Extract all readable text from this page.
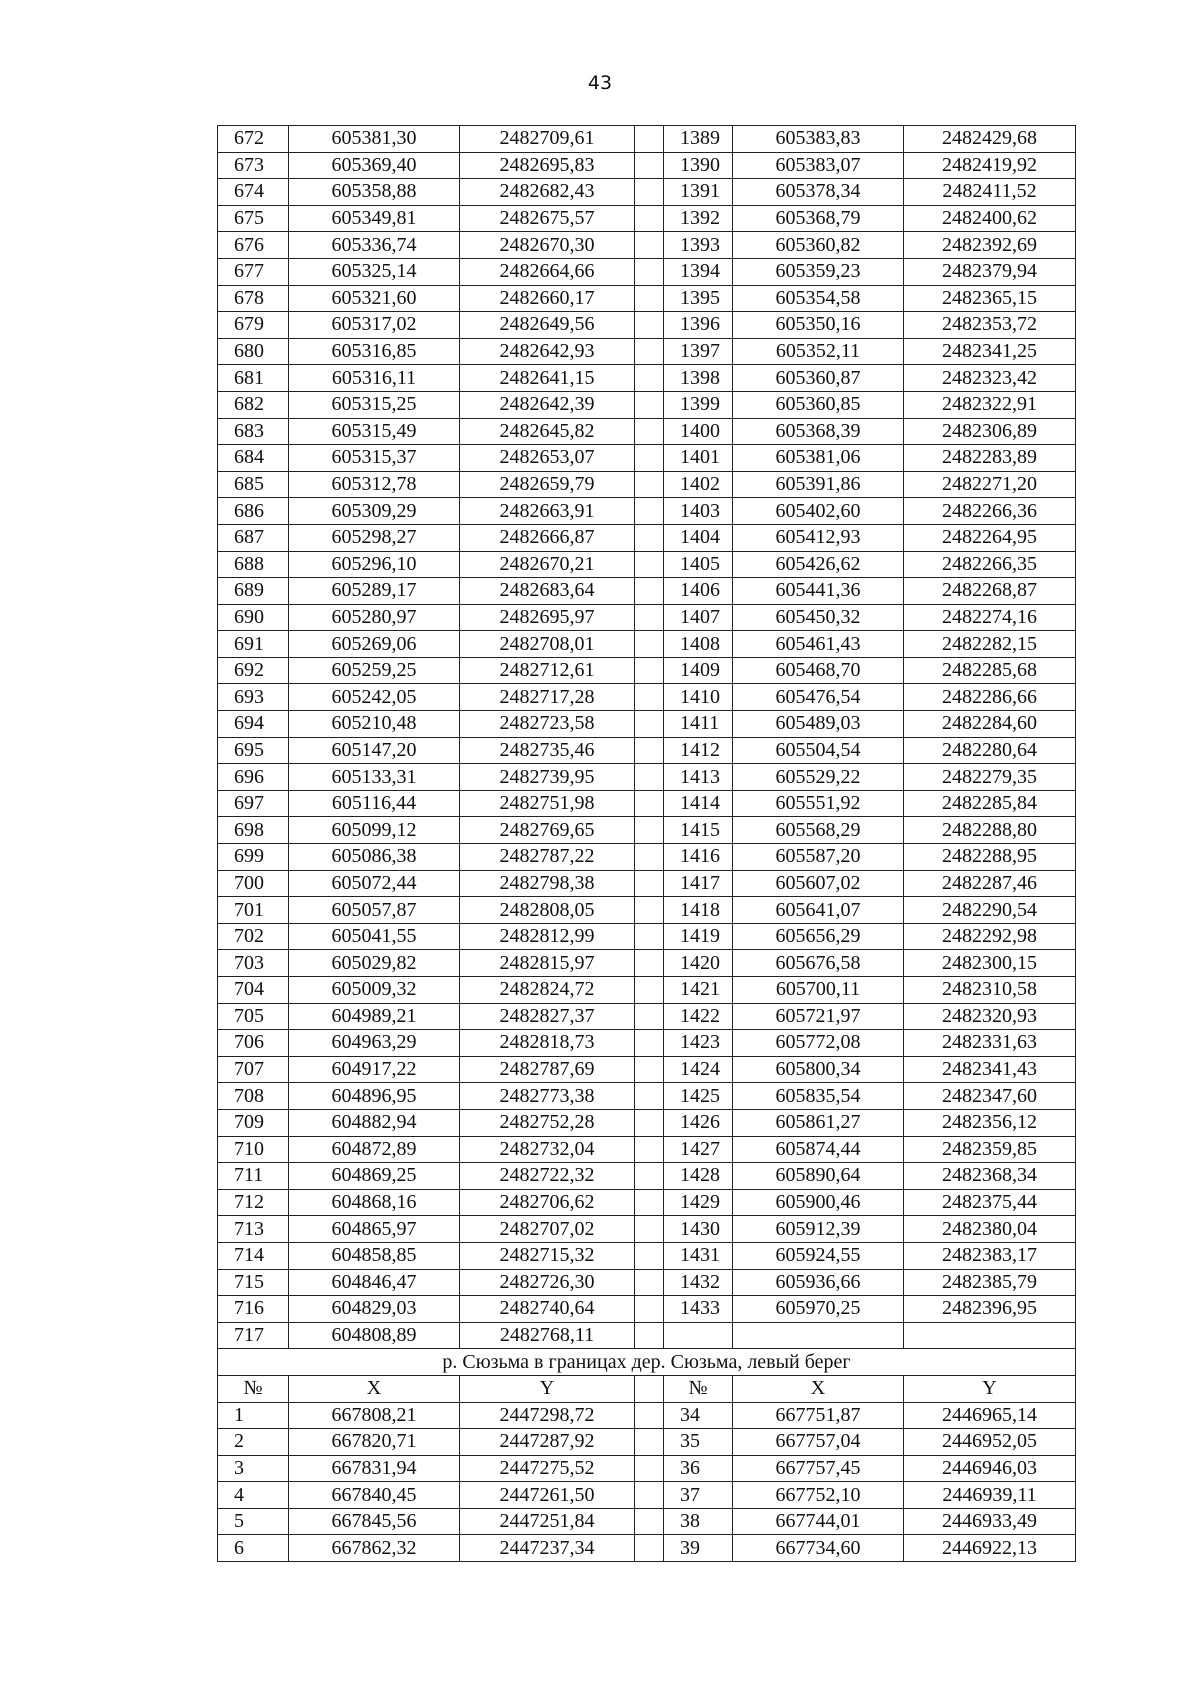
43
672	605381,30	2482709,61		1389	605383,83	2482429,68
673	605369,40	2482695,83		1390	605383,07	2482419,92
674	605358,88	2482682,43		1391	605378,34	2482411,52
675	605349,81	2482675,57		1392	605368,79	2482400,62
676	605336,74	2482670,30		1393	605360,82	2482392,69
677	605325,14	2482664,66		1394	605359,23	2482379,94
678	605321,60	2482660,17		1395	605354,58	2482365,15
679	605317,02	2482649,56		1396	605350,16	2482353,72
680	605316,85	2482642,93		1397	605352,11	2482341,25
681	605316,11	2482641,15		1398	605360,87	2482323,42
682	605315,25	2482642,39		1399	605360,85	2482322,91
683	605315,49	2482645,82		1400	605368,39	2482306,89
684	605315,37	2482653,07		1401	605381,06	2482283,89
685	605312,78	2482659,79		1402	605391,86	2482271,20
686	605309,29	2482663,91		1403	605402,60	2482266,36
687	605298,27	2482666,87		1404	605412,93	2482264,95
688	605296,10	2482670,21		1405	605426,62	2482266,35
689	605289,17	2482683,64		1406	605441,36	2482268,87
690	605280,97	2482695,97		1407	605450,32	2482274,16
691	605269,06	2482708,01		1408	605461,43	2482282,15
692	605259,25	2482712,61		1409	605468,70	2482285,68
693	605242,05	2482717,28		1410	605476,54	2482286,66
694	605210,48	2482723,58		1411	605489,03	2482284,60
695	605147,20	2482735,46		1412	605504,54	2482280,64
696	605133,31	2482739,95		1413	605529,22	2482279,35
697	605116,44	2482751,98		1414	605551,92	2482285,84
698	605099,12	2482769,65		1415	605568,29	2482288,80
699	605086,38	2482787,22		1416	605587,20	2482288,95
700	605072,44	2482798,38		1417	605607,02	2482287,46
701	605057,87	2482808,05		1418	605641,07	2482290,54
702	605041,55	2482812,99		1419	605656,29	2482292,98
703	605029,82	2482815,97		1420	605676,58	2482300,15
704	605009,32	2482824,72		1421	605700,11	2482310,58
705	604989,21	2482827,37		1422	605721,97	2482320,93
706	604963,29	2482818,73		1423	605772,08	2482331,63
707	604917,22	2482787,69		1424	605800,34	2482341,43
708	604896,95	2482773,38		1425	605835,54	2482347,60
709	604882,94	2482752,28		1426	605861,27	2482356,12
710	604872,89	2482732,04		1427	605874,44	2482359,85
711	604869,25	2482722,32		1428	605890,64	2482368,34
712	604868,16	2482706,62		1429	605900,46	2482375,44
713	604865,97	2482707,02		1430	605912,39	2482380,04
714	604858,85	2482715,32		1431	605924,55	2482383,17
715	604846,47	2482726,30		1432	605936,66	2482385,79
716	604829,03	2482740,64		1433	605970,25	2482396,95
717	604808,89	2482768,11				
р. Сюзьма в границах дер. Сюзьма, левый берег						
№	X	Y		№	X	Y
1	667808,21	2447298,72		34	667751,87	2446965,14
2	667820,71	2447287,92		35	667757,04	2446952,05
3	667831,94	2447275,52		36	667757,45	2446946,03
4	667840,45	2447261,50		37	667752,10	2446939,11
5	667845,56	2447251,84		38	667744,01	2446933,49
6	667862,32	2447237,34		39	667734,60	2446922,13
